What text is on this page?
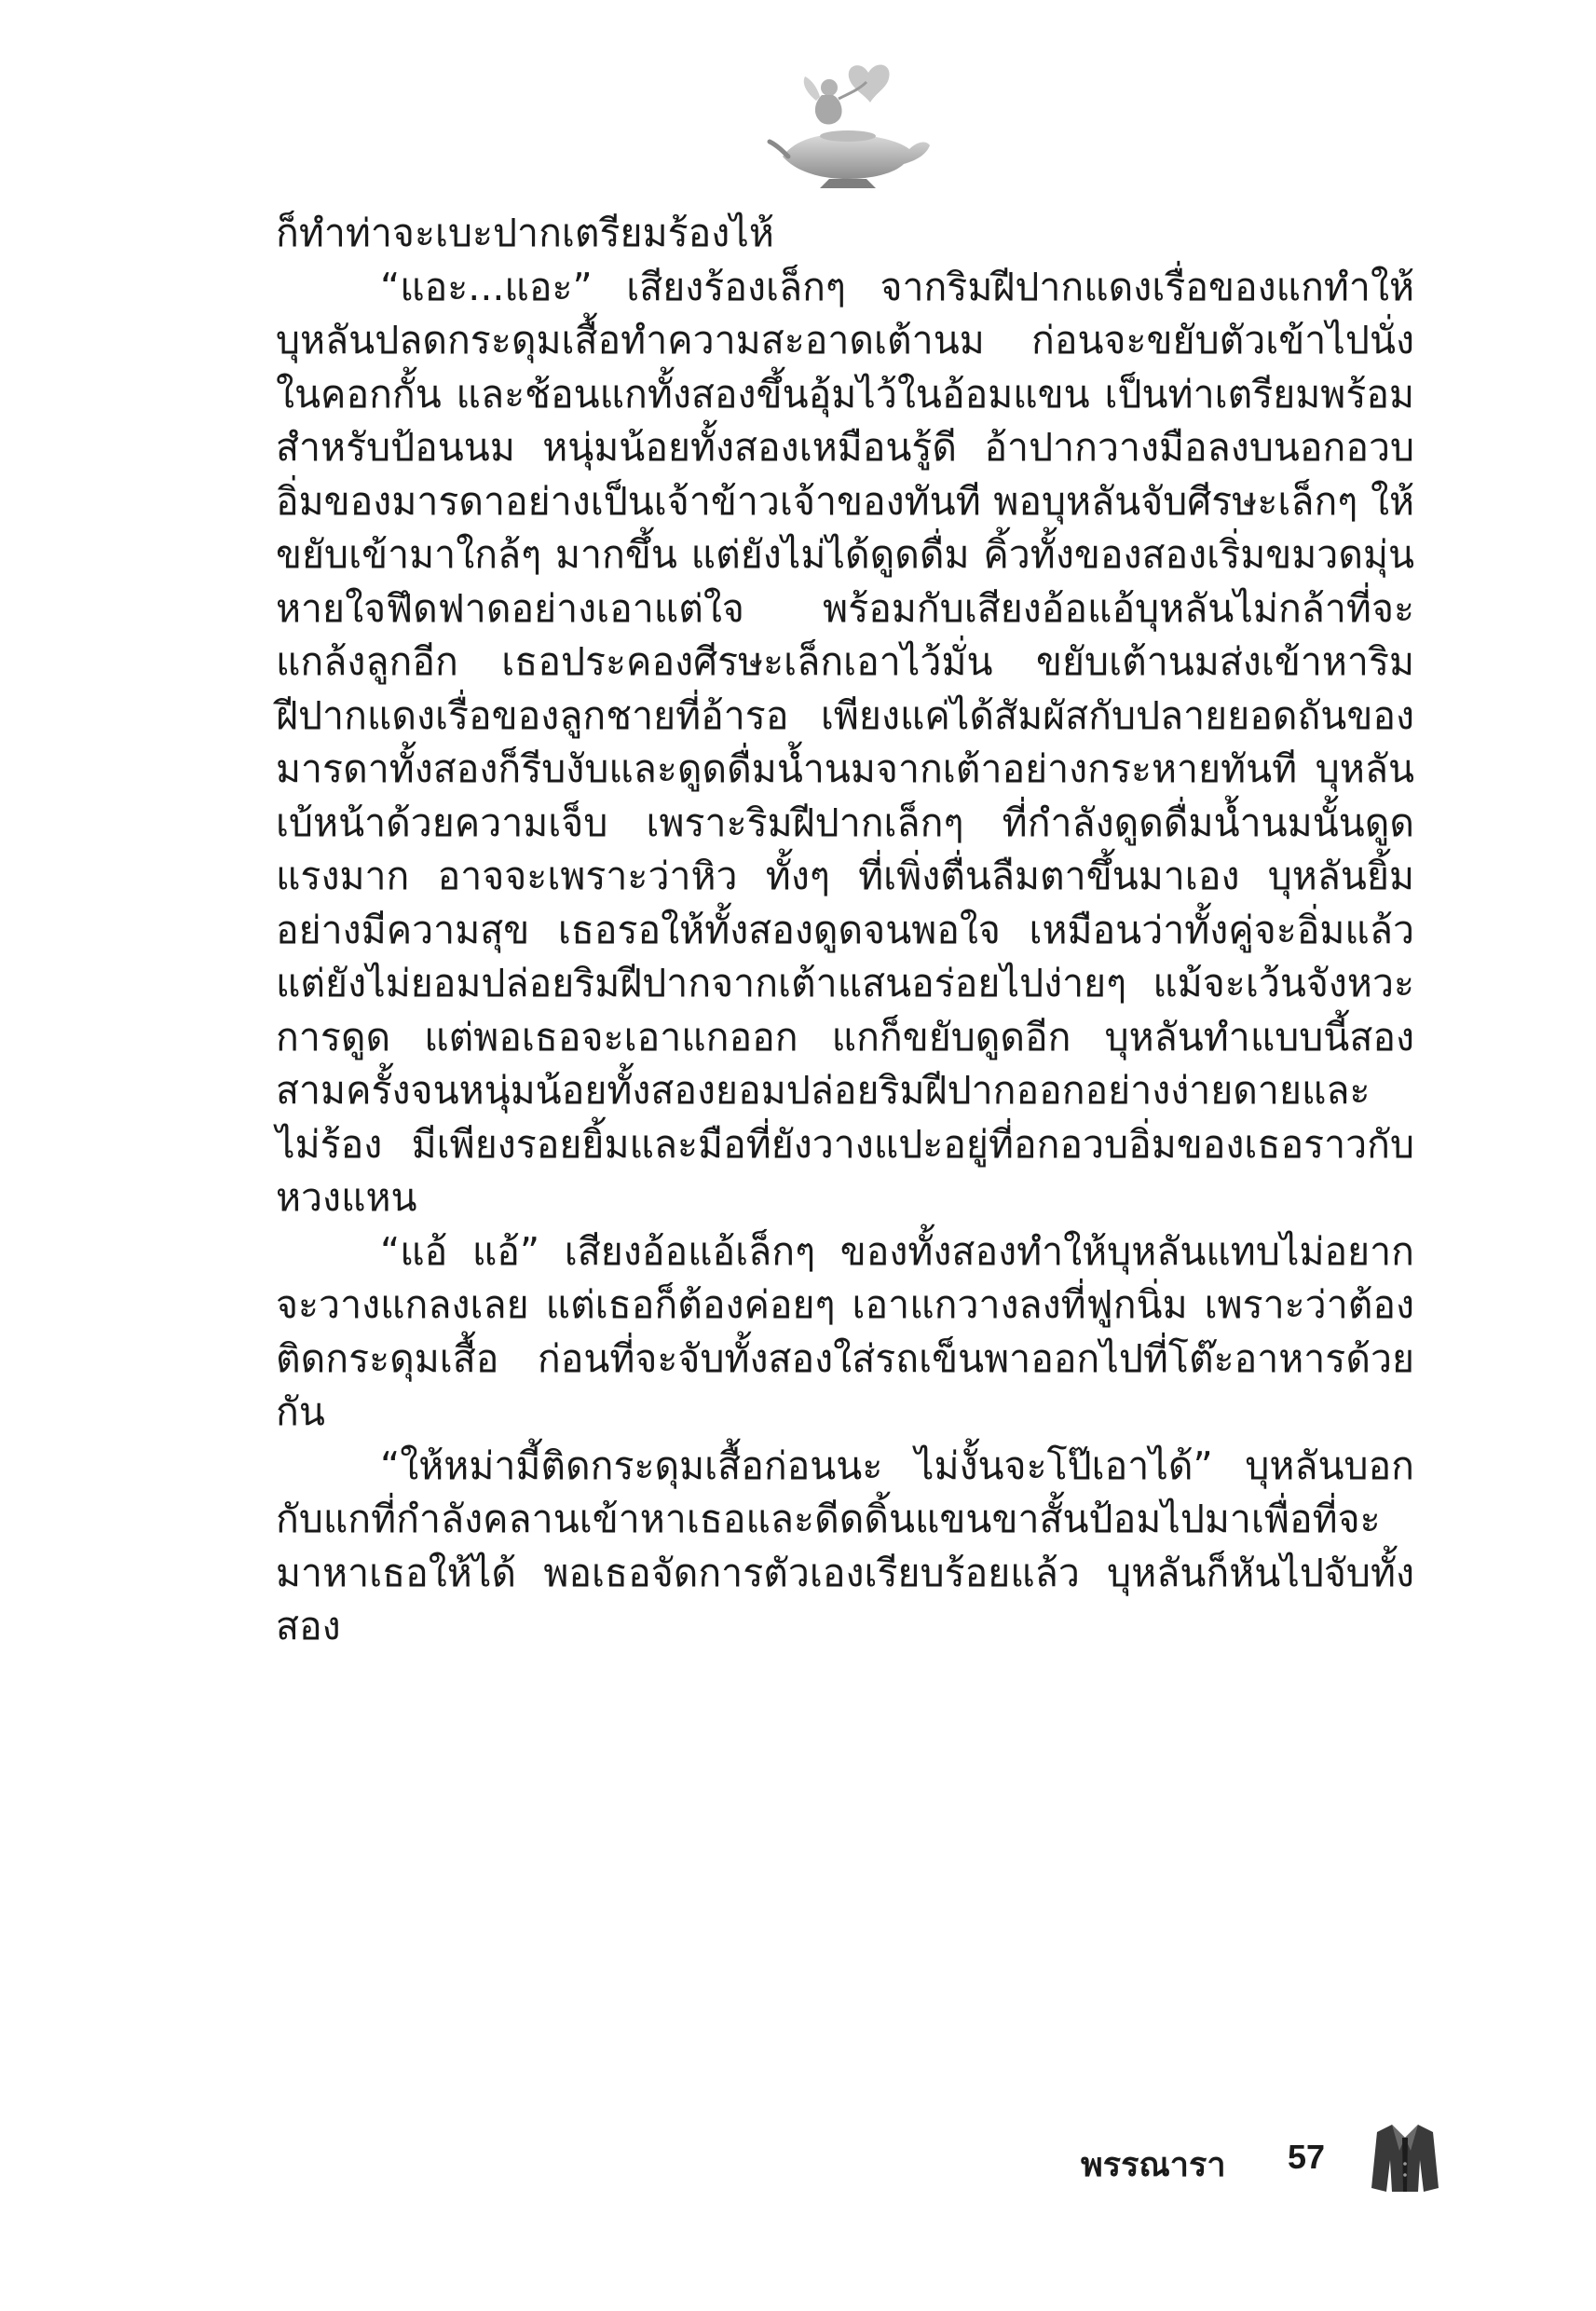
ก็ทำท่าจะเบะปากเตรียมร้องไห้

“แอะ...แอะ” เสียงร้องเล็กๆ จากริมฝีปากแดงเรื่อของแกทำให้บุหลันปลดกระดุมเสื้อทำความสะอาดเต้านม ก่อนจะขยับตัวเข้าไปนั่งในคอกกั้น และช้อนแกทั้งสองขึ้นอุ้มไว้ในอ้อมแขน เป็นท่าเตรียมพร้อมสำหรับป้อนนม หนุ่มน้อยทั้งสองเหมือนรู้ดี อ้าปากวางมือลงบนอกอวบอิ่มของมารดาอย่างเป็นเจ้าข้าวเจ้าของทันที พอบุหลันจับศีรษะเล็กๆ ให้ขยับเข้ามาใกล้ๆ มากขึ้น แต่ยังไม่ได้ดูดดื่ม คิ้วทั้งของสองเริ่มขมวดมุ่น หายใจฟึดฟาดอย่างเอาแต่ใจ พร้อมกับเสียงอ้อแอ้บุหลันไม่กล้าที่จะแกล้งลูกอีก เธอประคองศีรษะเล็กเอาไว้มั่น ขยับเต้านมส่งเข้าหาริมฝีปากแดงเรื่อของลูกชายที่อ้ารอ เพียงแค่ได้สัมผัสกับปลายยอดถันของมารดาทั้งสองก็รีบงับและดูดดื่มน้ำนมจากเต้าอย่างกระหายทันที บุหลันเบ้หน้าด้วยความเจ็บ เพราะริมฝีปากเล็กๆ ที่กำลังดูดดื่มน้ำนมนั้นดูดแรงมาก อาจจะเพราะว่าหิว ทั้งๆ ที่เพิ่งตื่นลืมตาขึ้นมาเอง บุหลันยิ้มอย่างมีความสุข เธอรอให้ทั้งสองดูดจนพอใจ เหมือนว่าทั้งคู่จะอิ่มแล้ว แต่ยังไม่ยอมปล่อยริมฝีปากจากเต้าแสนอร่อยไปง่ายๆ แม้จะเว้นจังหวะการดูด แต่พอเธอจะเอาแกออก แกก็ขยับดูดอีก บุหลันทำแบบนี้สองสามครั้งจนหนุ่มน้อยทั้งสองยอมปล่อยริมฝีปากออกอย่างง่ายดายและไม่ร้อง มีเพียงรอยยิ้มและมือที่ยังวางแปะอยู่ที่อกอวบอิ่มของเธอราวกับหวงแหน

“แอ้ แอ้” เสียงอ้อแอ้เล็กๆ ของทั้งสองทำให้บุหลันแทบไม่อยากจะวางแกลงเลย แต่เธอก็ต้องค่อยๆ เอาแกวางลงที่ฟูกนิ่ม เพราะว่าต้องติดกระดุมเสื้อ ก่อนที่จะจับทั้งสองใส่รถเข็นพาออกไปที่โต๊ะอาหารด้วยกัน

“ให้หม่ามี้ติดกระดุมเสื้อก่อนนะ ไม่งั้นจะโป๊เอาได้” บุหลันบอกกับแกที่กำลังคลานเข้าหาเธอและดีดดิ้นแขนขาสั้นป้อมไปมาเพื่อที่จะมาหาเธอให้ได้ พอเธอจัดการตัวเองเรียบร้อยแล้ว บุหลันก็หันไปจับทั้งสอง

พรรณารา 57
